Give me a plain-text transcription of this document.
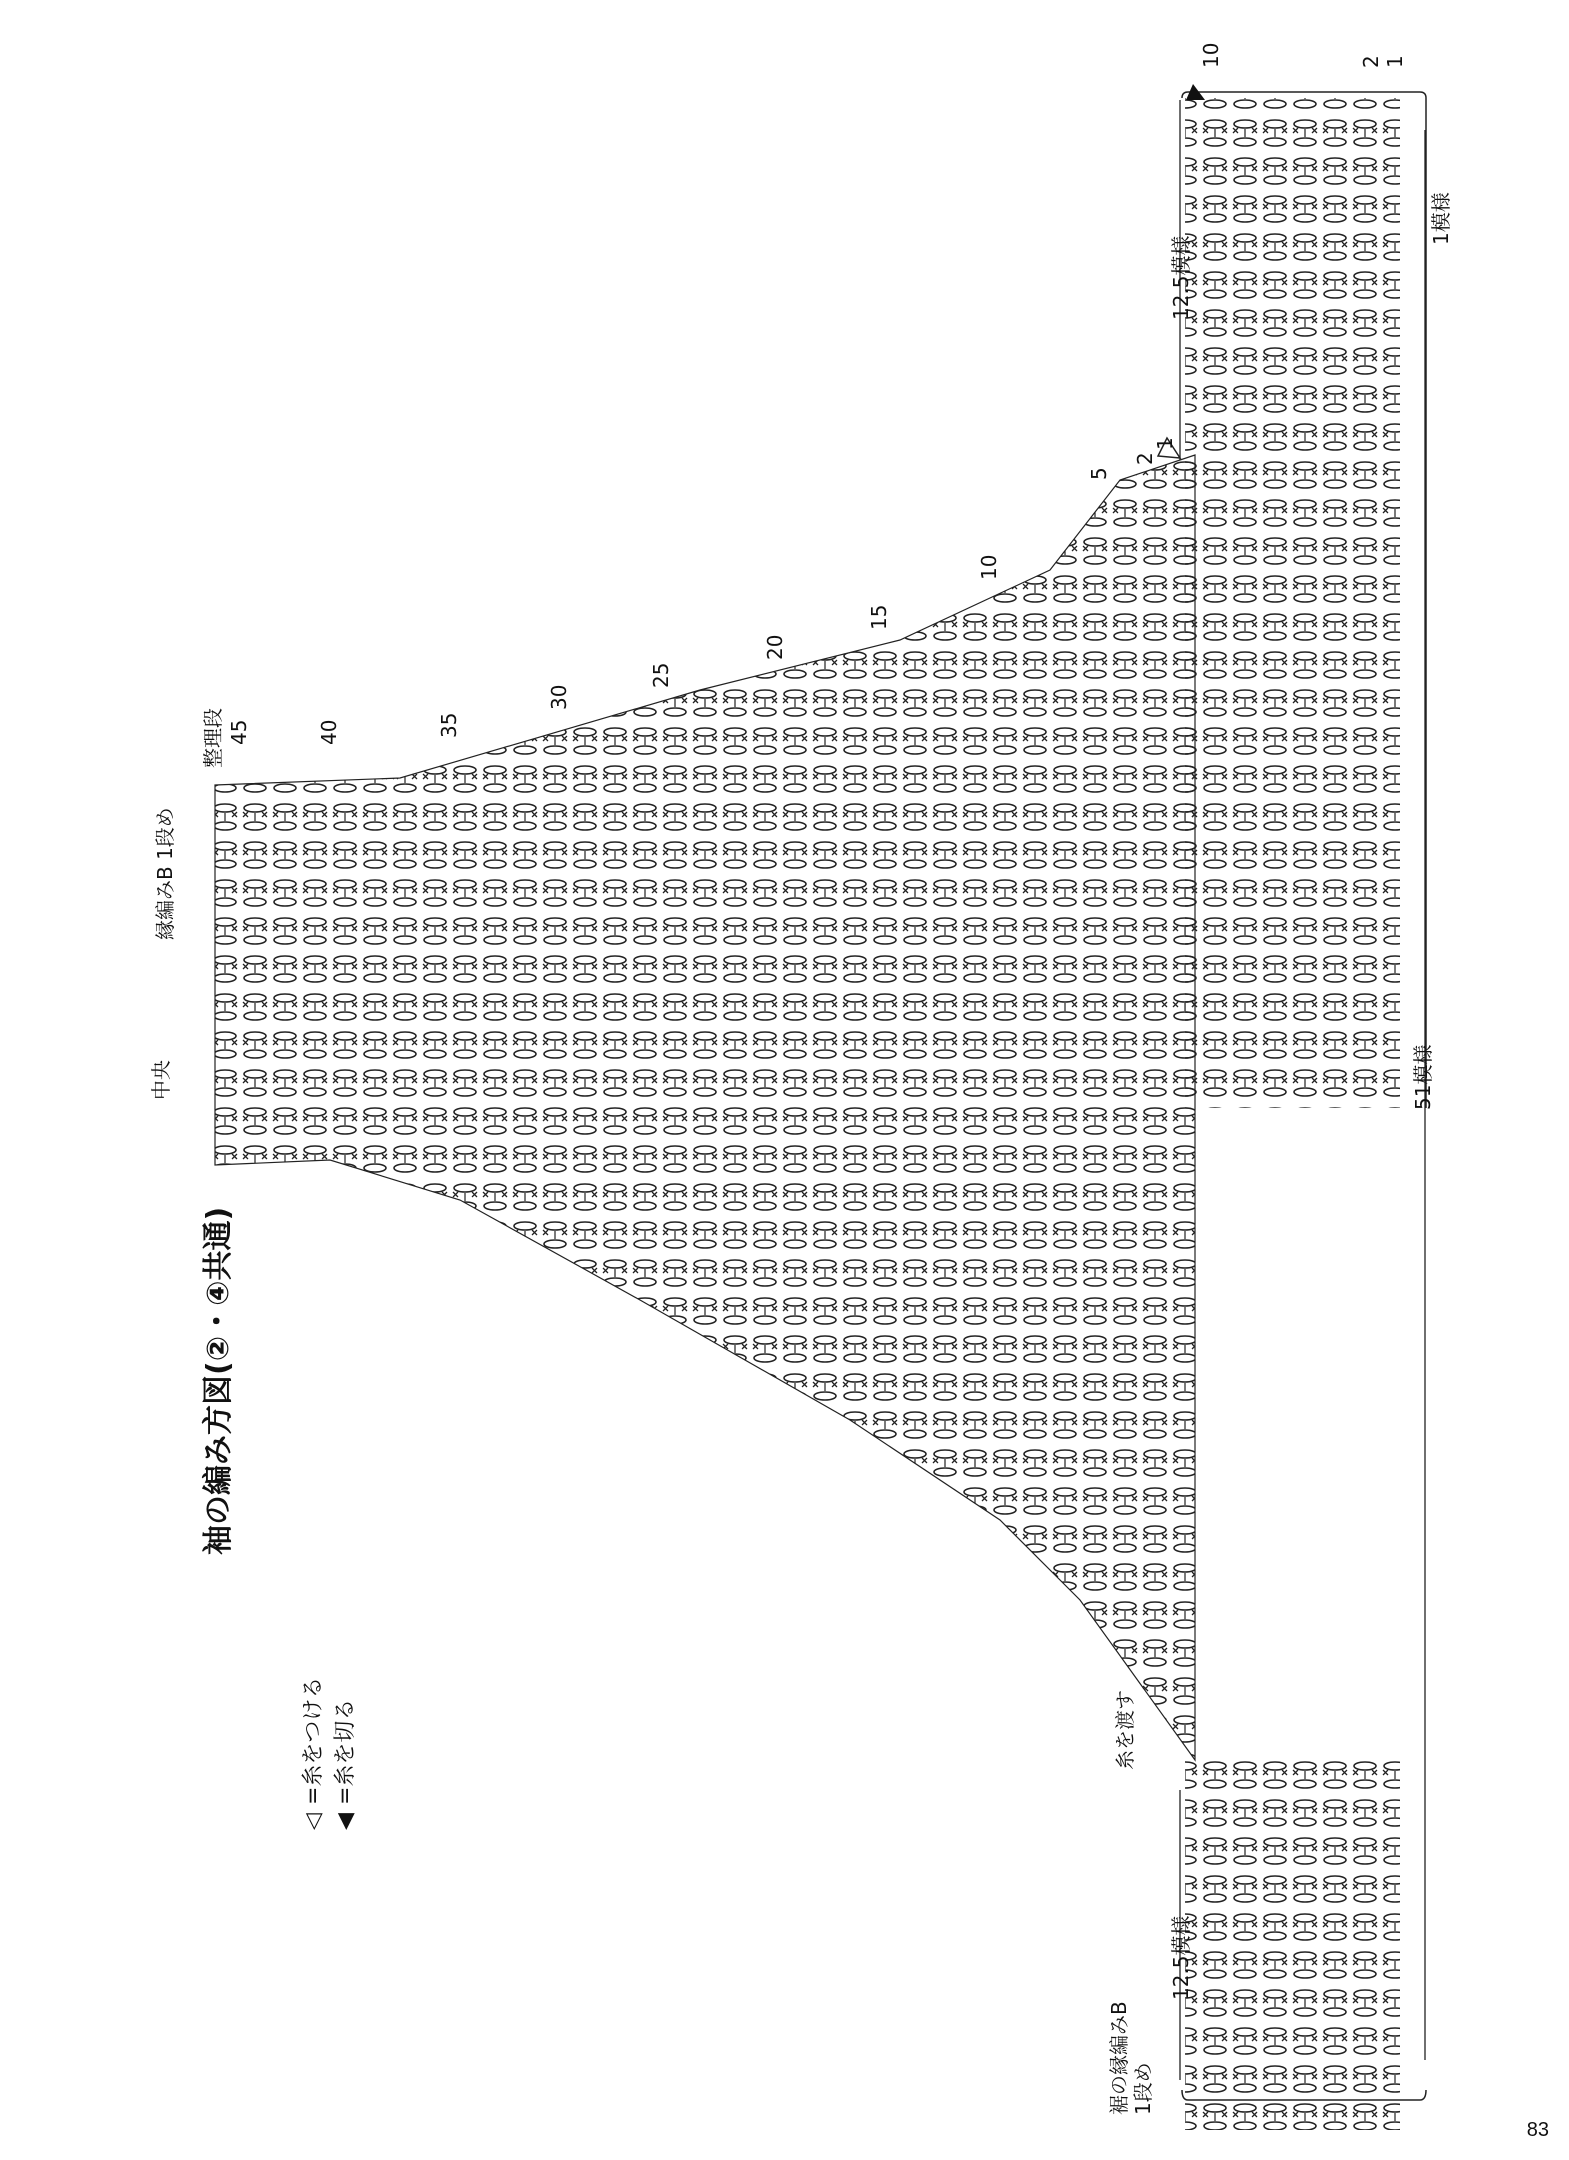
袖の編み方図(②・④共通)
◁
=糸をつける
◀
=糸を切る
中央
縁編みB 1段め
整理段
裾の縁編みB 1段め
糸を渡す
12.5模様
12.5模様
51模様
1模様
45	40	35
30
25
20
15
10
5
2
1
10	2 1
83
